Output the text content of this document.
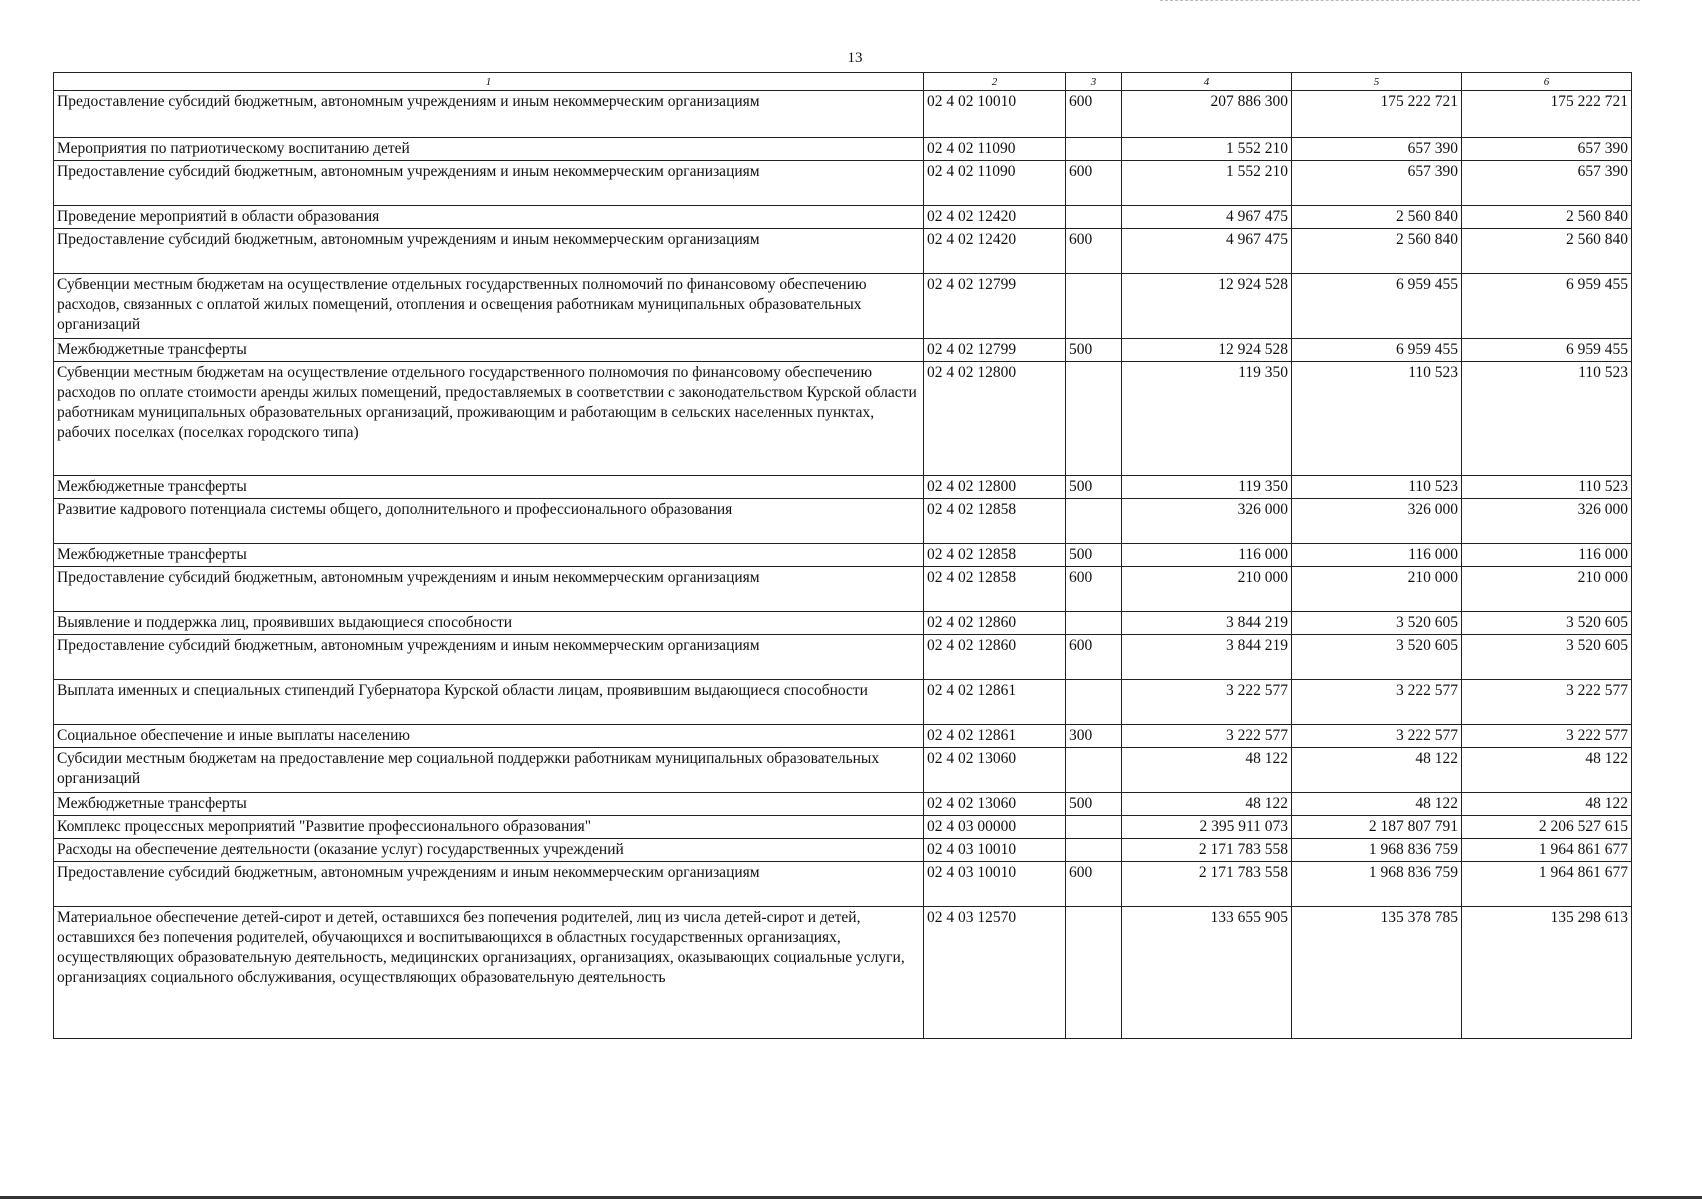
13
1	2	3	4	5	6
Предоставление субсидий бюджетным, автономным учреждениям и иным некоммерческим организациям	02 4 02 10010	600	207 886 300	175 222 721	175 222 721
Мероприятия по патриотическому воспитанию детей	02 4 02 11090		1 552 210	657 390	657 390
Предоставление субсидий бюджетным, автономным учреждениям и иным некоммерческим организациям	02 4 02 11090	600	1 552 210	657 390	657 390
Проведение мероприятий в области образования	02 4 02 12420		4 967 475	2 560 840	2 560 840
Предоставление субсидий бюджетным, автономным учреждениям и иным некоммерческим организациям	02 4 02 12420	600	4 967 475	2 560 840	2 560 840
Субвенции местным бюджетам на осуществление отдельных государственных полномочий по финансовому обеспечению расходов, связанных с оплатой жилых помещений, отопления и освещения работникам муниципальных образовательных организаций	02 4 02 12799		12 924 528	6 959 455	6 959 455
Межбюджетные трансферты	02 4 02 12799	500	12 924 528	6 959 455	6 959 455
Субвенции местным бюджетам на осуществление отдельного государственного полномочия по финансовому обеспечению расходов по оплате стоимости аренды жилых помещений, предоставляемых в соответствии с законодательством Курской области работникам муниципальных образовательных организаций, проживающим и работающим в сельских населенных пунктах, рабочих поселках (поселках городского типа)	02 4 02 12800		119 350	110 523	110 523
Межбюджетные трансферты	02 4 02 12800	500	119 350	110 523	110 523
Развитие кадрового потенциала системы общего, дополнительного и профессионального образования	02 4 02 12858		326 000	326 000	326 000
Межбюджетные трансферты	02 4 02 12858	500	116 000	116 000	116 000
Предоставление субсидий бюджетным, автономным учреждениям и иным некоммерческим организациям	02 4 02 12858	600	210 000	210 000	210 000
Выявление и поддержка лиц, проявивших выдающиеся способности	02 4 02 12860		3 844 219	3 520 605	3 520 605
Предоставление субсидий бюджетным, автономным учреждениям и иным некоммерческим организациям	02 4 02 12860	600	3 844 219	3 520 605	3 520 605
Выплата именных и специальных стипендий Губернатора Курской области лицам, проявившим выдающиеся способности	02 4 02 12861		3 222 577	3 222 577	3 222 577
Социальное обеспечение и иные выплаты населению	02 4 02 12861	300	3 222 577	3 222 577	3 222 577
Субсидии местным бюджетам на предоставление мер социальной поддержки работникам муниципальных образовательных организаций	02 4 02 13060		48 122	48 122	48 122
Межбюджетные трансферты	02 4 02 13060	500	48 122	48 122	48 122
Комплекс процессных мероприятий "Развитие профессионального образования"	02 4 03 00000		2 395 911 073	2 187 807 791	2 206 527 615
Расходы на обеспечение деятельности (оказание услуг) государственных учреждений	02 4 03 10010		2 171 783 558	1 968 836 759	1 964 861 677
Предоставление субсидий бюджетным, автономным учреждениям и иным некоммерческим организациям	02 4 03 10010	600	2 171 783 558	1 968 836 759	1 964 861 677
Материальное обеспечение детей-сирот и детей, оставшихся без попечения родителей, лиц из числа детей-сирот и детей, оставшихся без попечения родителей, обучающихся и воспитывающихся в областных государственных организациях, осуществляющих образовательную деятельность, медицинских организациях, организациях, оказывающих социальные услуги, организациях социального обслуживания, осуществляющих образовательную деятельность	02 4 03 12570		133 655 905	135 378 785	135 298 613
